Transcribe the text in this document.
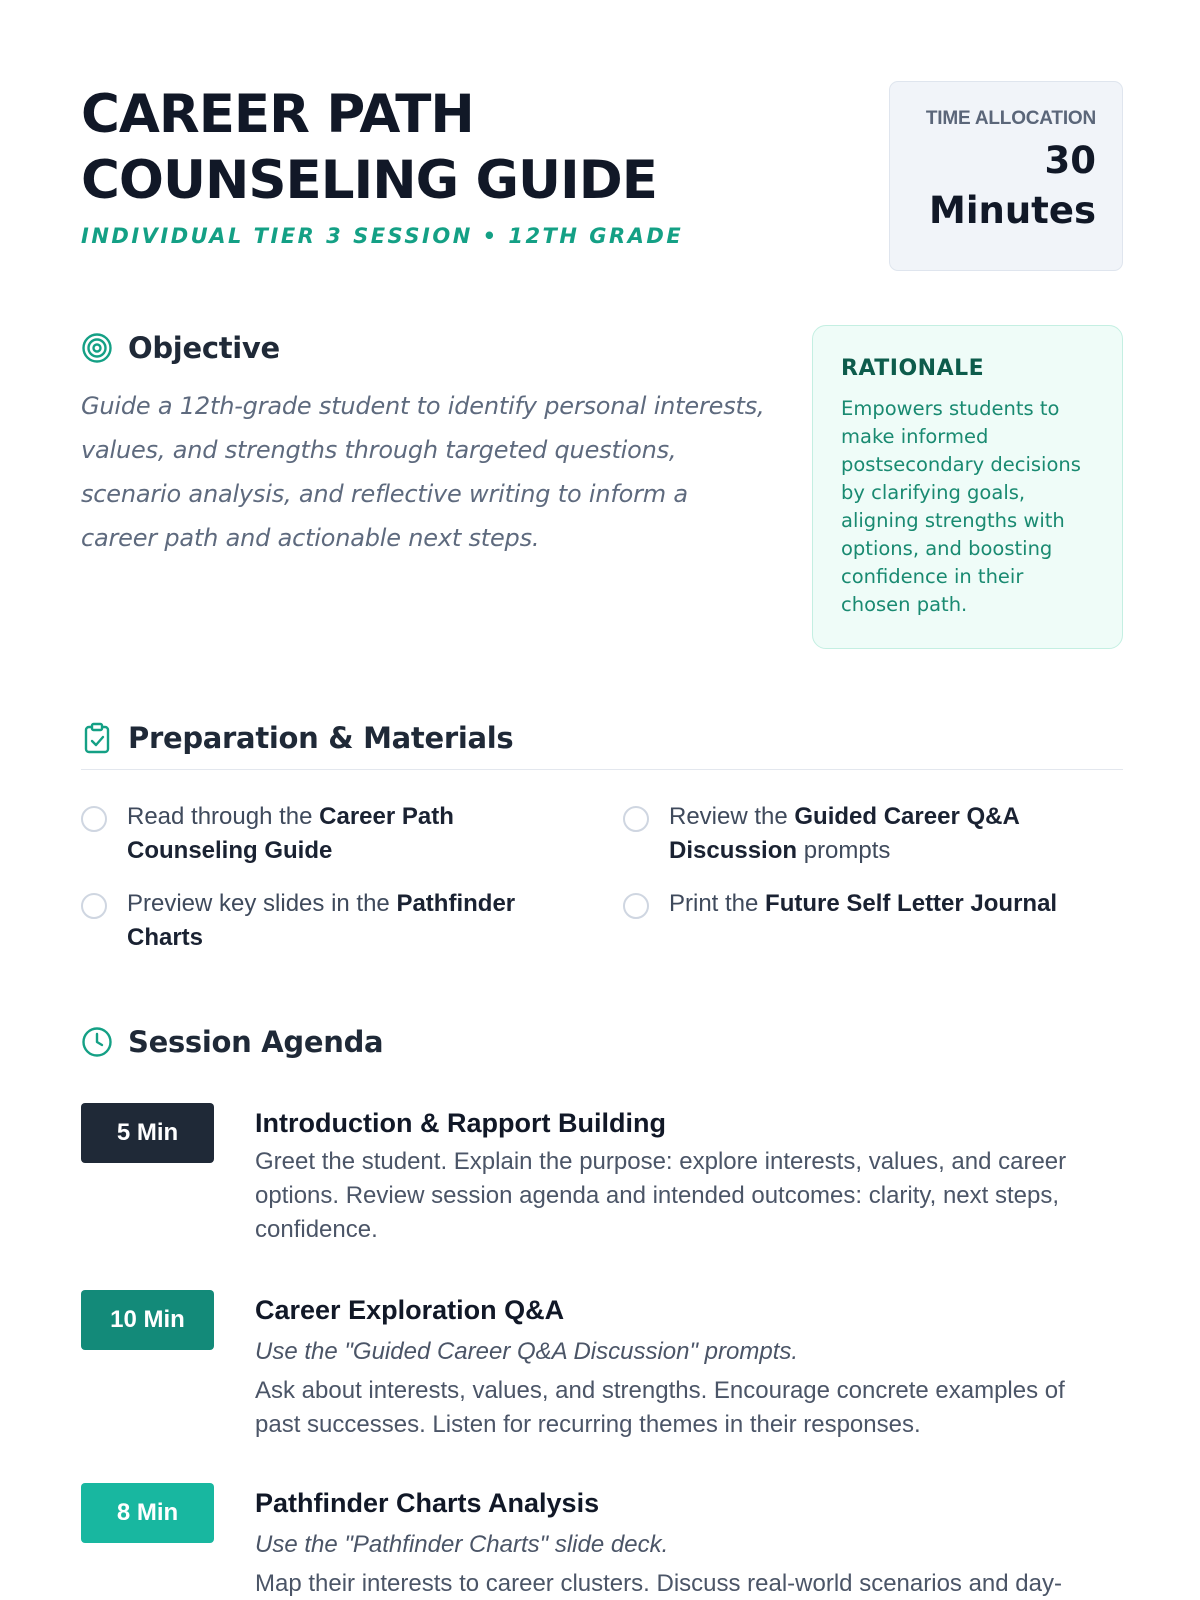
CAREER PATH
COUNSELING GUIDE
INDIVIDUAL TIER 3 SESSION • 12TH GRADE
TIME ALLOCATION
30
Minutes
Objective
Guide a 12th-grade student to identify personal interests, values, and strengths through targeted questions, scenario analysis, and reflective writing to inform a career path and actionable next steps.
RATIONALE
Empowers students to make informed postsecondary decisions by clarifying goals, aligning strengths with options, and boosting confidence in their chosen path.
Preparation & Materials
Read through the Career Path Counseling Guide
Review the Guided Career Q&A Discussion prompts
Preview key slides in the Pathfinder Charts
Print the Future Self Letter Journal
Session Agenda
5 Min	Introduction & Rapport Building
Greet the student. Explain the purpose: explore interests, values, and career options. Review session agenda and intended outcomes: clarity, next steps, confidence.
10 Min	Career Exploration Q&A
Use the "Guided Career Q&A Discussion" prompts.
Ask about interests, values, and strengths. Encourage concrete examples of past successes. Listen for recurring themes in their responses.
8 Min	Pathfinder Charts Analysis
Use the "Pathfinder Charts" slide deck.
Map their interests to career clusters. Discuss real-world scenarios and day-
